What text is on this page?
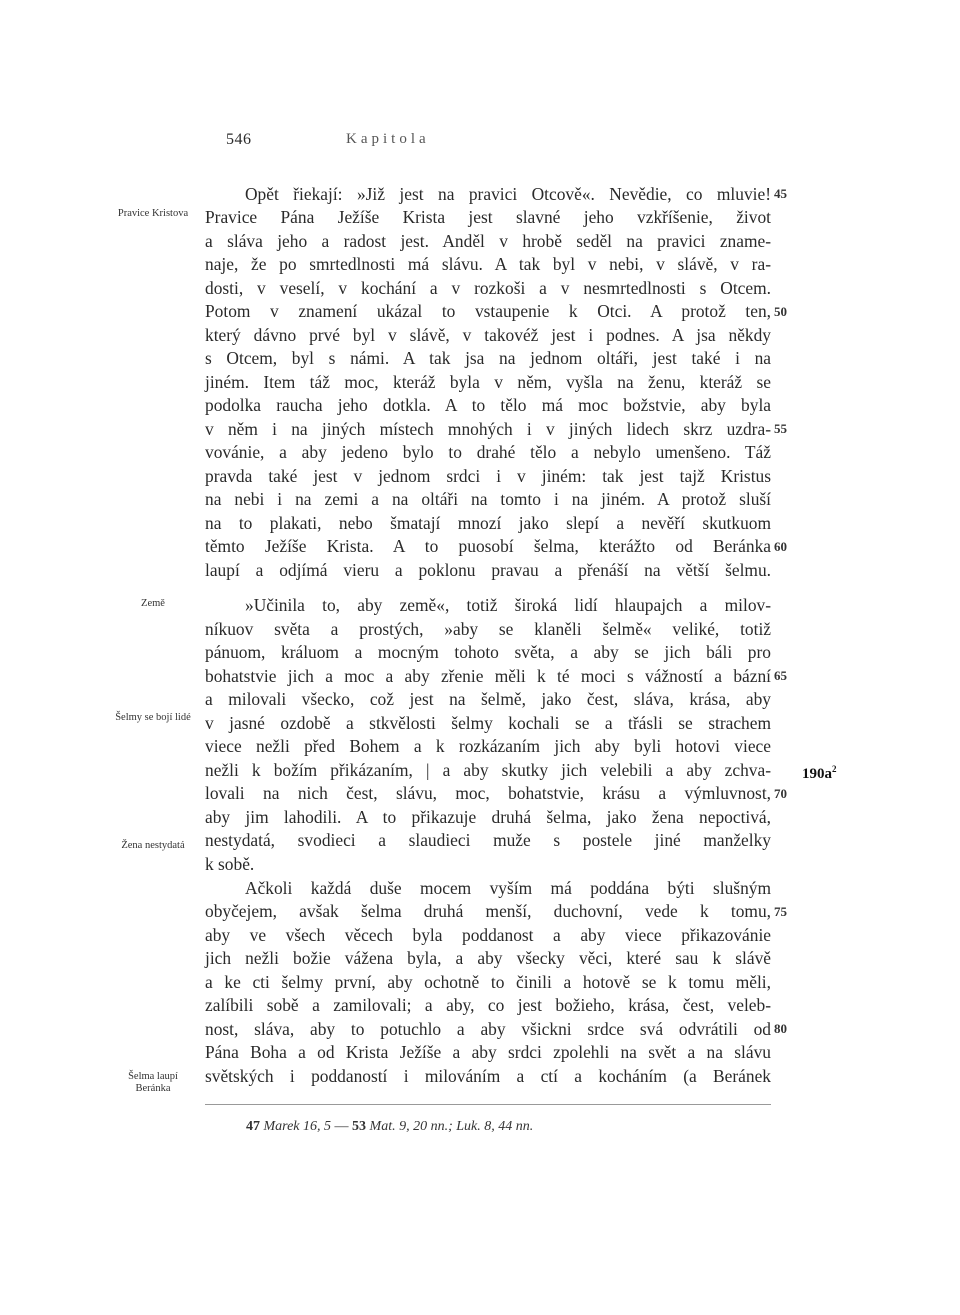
546	Kapitola
Opět řiekají: »Již jest na pravici Otcově«. Nevědie, co mluvie!
Pravice Pána Ježíše Krista jest slavné jeho vzkříšenie, život
a sláva jeho a radost jest. Anděl v hrobě seděl na pravici zname-
naje, že po smrtedlnosti má slávu. A tak byl v nebi, v slávě, v ra-
dosti, v veselí, v kochání a v rozkoši a v nesmrtedlnosti s Otcem.
Potom v znamení ukázal to vstaupenie k Otci. A protož ten,
který dávno prvé byl v slávě, v takovéž jest i podnes. A jsa někdy
s Otcem, byl s námi. A tak jsa na jednom oltáři, jest také i na
jiném. Item táž moc, kteráž byla v něm, vyšla na ženu, kteráž se
podolka raucha jeho dotkla. A to tělo má moc božstvie, aby byla
v něm i na jiných místech mnohých i v jiných lidech skrz uzdra-
vovánie, a aby jedeno bylo to drahé tělo a nebylo umenšeno. Táž
pravda také jest v jednom srdci i v jiném: tak jest tajž Kristus
na nebi i na zemi a na oltáři na tomto i na jiném. A protož sluší
na to plakati, nebo šmatají mnozí jako slepí a nevěří skutkuom
těmto Ježíše Krista. A to puosobí šelma, kterážto od Beránka
laupí a odjímá vieru a poklonu pravau a přenáší na větší šelmu.
»Učinila to, aby země«, totiž široká lidí hlaupajch a milov-
níkuov světa a prostých, »aby se klaněli šelmě« veliké, totiž
pánuom, králuom a mocným tohoto světa, a aby se jich báli pro
bohatstvie jich a moc a aby zřenie měli k té moci s vážností a bázní
a milovali všecko, což jest na šelmě, jako čest, sláva, krása, aby
v jasné ozdobě a stkvělosti šelmy kochali se a třásli se strachem
viece nežli před Bohem a k rozkázaním jich aby byli hotovi viece
nežli k božím přikázaním, | a aby skutky jich velebili a aby zchva-
lovali na nich čest, slávu, moc, bohatstvie, krásu a výmluvnost,
aby jim lahodili. A to přikazuje druhá šelma, jako žena nepoctivá,
nestydatá, svodieci a slaudieci muže s postele jiné manželky
k sobě.
Ačkoli každá duše mocem vyším má poddána býti slušným
obyčejem, avšak šelma druhá menší, duchovní, vede k tomu,
aby ve všech věcech byla poddanost a aby viece přikazovánie
jich nežli božie vážena byla, a aby všecky věci, které sau k slávě
a ke cti šelmy první, aby ochotně to činili a hotově se k tomu měli,
zalíbili sobě a zamilovali; a aby, co jest božieho, krása, čest, veleb-
nost, sláva, aby to potuchlo a aby všickni srdce svá odvrátili od
Pána Boha a od Krista Ježíše a aby srdci zpolehli na svět a na slávu
světských i poddaností i milováním a ctí a kocháním (a Beránek
45
50
55
60
65
70
75
80
Pravice Kristova
Země
Šelmy se bojí lidé
Žena nestydatá
Šelma laupí Beránka
$190a^2$
47 Marek 16, 5 — 53 Mat. 9, 20 nn.; Luk. 8, 44 nn.
